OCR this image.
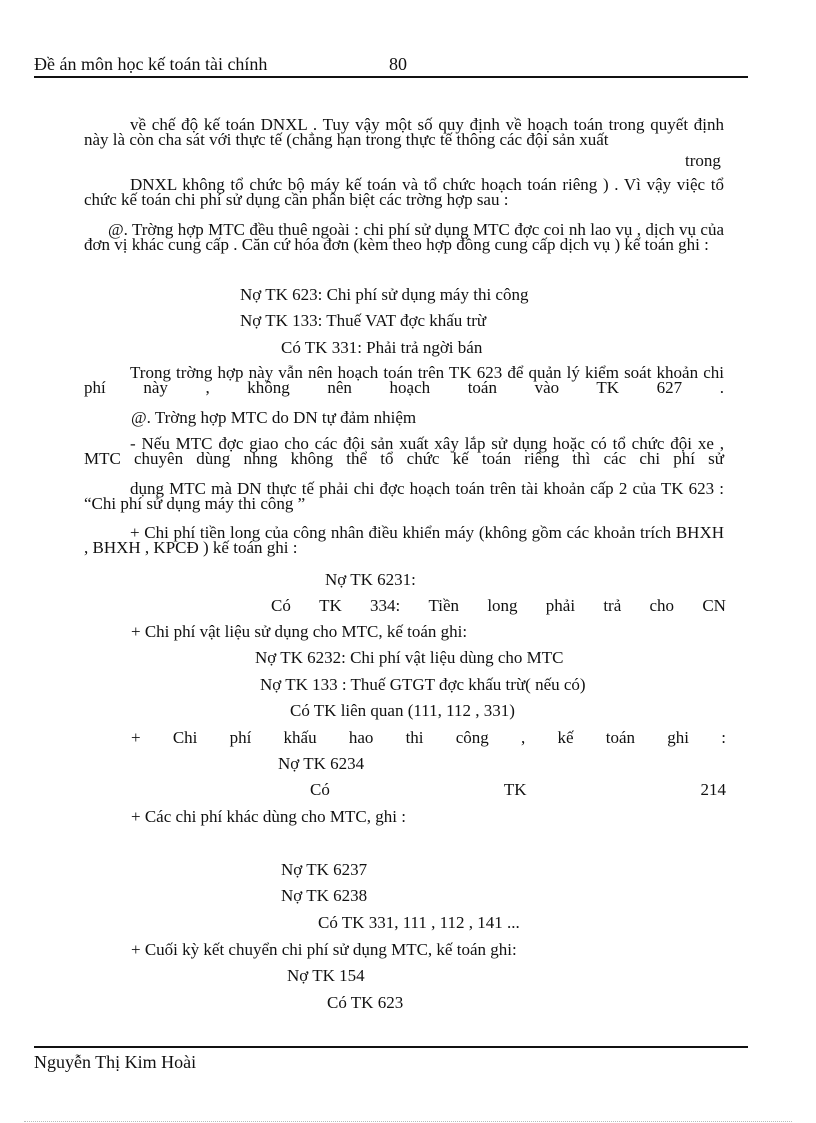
Đề án môn học kế toán tài chính	80
về chế độ kế toán DNXL . Tuy vậy một số quy định về hoạch toán trong quyết định này là còn cha sát với thực tế (chẳng hạn trong thực tế thông các đội sản xuất
trong
DNXL không tổ chức bộ máy kế toán và tổ chức hoạch toán riêng ) . Vì vậy việc tổ chức kế toán chi phí sử dụng cần phân biệt các trờng hợp sau :
@. Trờng hợp MTC đều thuê ngoài : chi phí sử dụng MTC đợc coi nh lao vụ , dịch vụ của đơn vị khác cung cấp . Căn cứ hóa đơn (kèm theo hợp đồng cung cấp dịch vụ ) kế toán ghi :
Nợ TK 623: Chi phí sử dụng máy thi công
Nợ TK 133: Thuế VAT đợc khấu trừ
Có TK 331: Phải trả ngời bán
Trong trờng hợp này vẫn nên hoạch toán trên TK 623 để quản lý kiểm soát khoản chi phí này , không nên hoạch toán vào TK 627 .
@. Trờng hợp MTC do DN tự đảm nhiệm
- Nếu MTC đợc giao cho các đội sản xuất xây lắp sử dụng hoặc có tổ chức đội xe , MTC chuyên dùng nhng không thể tổ chức kế toán riêng thì các chi phí sử
dụng MTC mà DN thực tế phải chi đợc hoạch toán trên tài khoản cấp 2 của TK 623 : “Chi phí sử dụng máy thi công ”
+ Chi phí tiền long của công nhân điều khiển máy (không gồm các khoản trích BHXH , BHXH , KPCĐ ) kế toán ghi :
Nợ TK 6231:
Có TK 334: Tiền long phải trả cho CN
+ Chi phí vật liệu sử dụng cho MTC, kế toán ghi:
Nợ TK 6232: Chi phí vật liệu dùng cho MTC
Nợ TK 133 : Thuế GTGT đợc khấu trừ( nếu có)
Có TK liên quan (111, 112 , 331)
+ Chi phí khấu hao thi công , kế toán ghi :
Nợ TK 6234
Có	TK	214
+ Các chi phí khác dùng cho MTC, ghi :
Nợ TK 6237
Nợ TK 6238
Có TK 331, 111 , 112 , 141 ...
+ Cuối kỳ kết chuyển chi phí sử dụng MTC, kế toán ghi:
Nợ TK 154
Có TK 623
Nguyễn Thị Kim Hoài
